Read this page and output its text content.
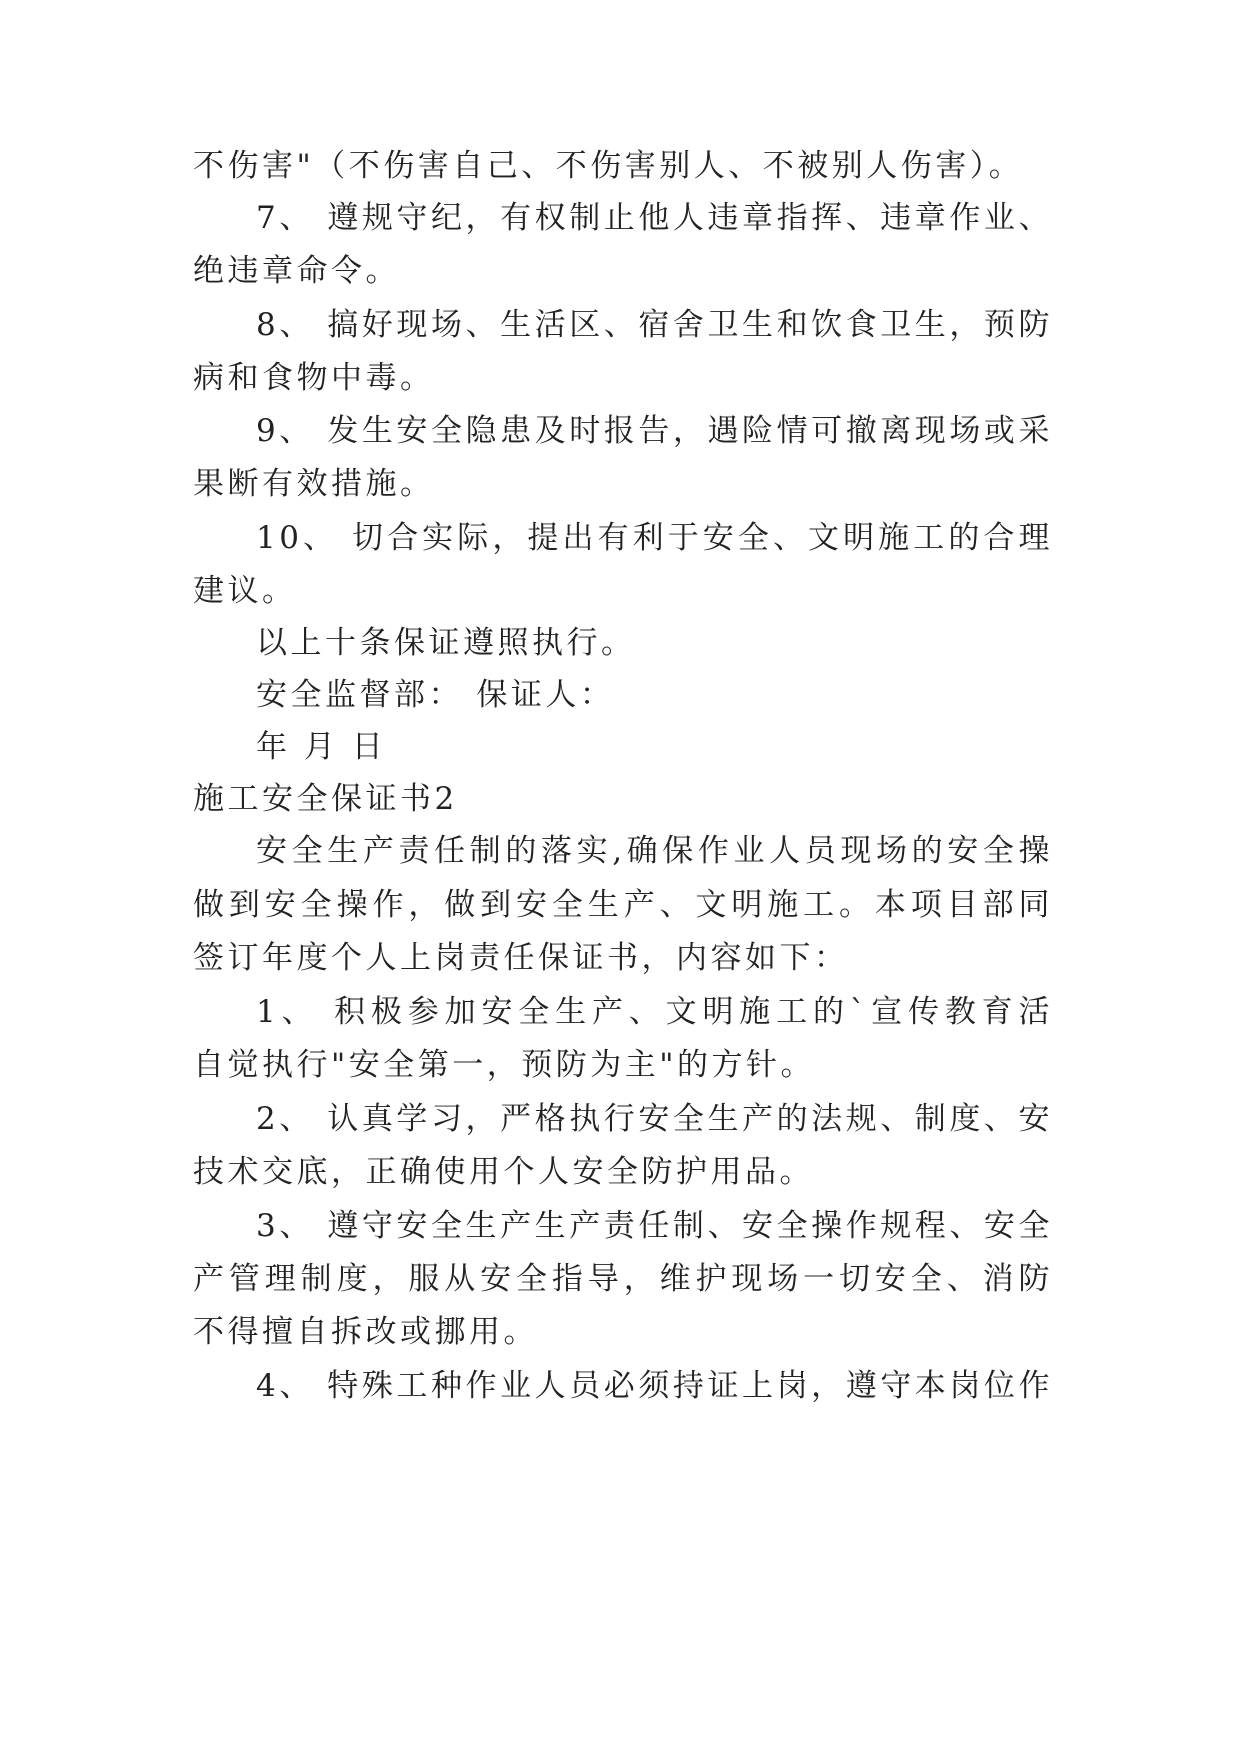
不伤害"（不伤害自己、不伤害别人、不被别人伤害）。

7、 遵规守纪，有权制止他人违章指挥、违章作业、

绝违章命令。

8、 搞好现场、生活区、宿舍卫生和饮食卫生，预防

病和食物中毒。

9、 发生安全隐患及时报告，遇险情可撤离现场或采

果断有效措施。

10、 切合实际，提出有利于安全、文明施工的合理

建议。

以上十条保证遵照执行。

安全监督部： 保证人：

年 月 日

施工安全保证书2

安全生产责任制的落实,确保作业人员现场的安全操

做到安全操作，做到安全生产、文明施工。本项目部同

签订年度个人上岗责任保证书，内容如下：

1、 积极参加安全生产、文明施工的`宣传教育活

自觉执行"安全第一，预防为主"的方针。

2、 认真学习，严格执行安全生产的法规、制度、安

技术交底，正确使用个人安全防护用品。

3、 遵守安全生产生产责任制、安全操作规程、安全

产管理制度，服从安全指导，维护现场一切安全、消防

不得擅自拆改或挪用。

4、 特殊工种作业人员必须持证上岗，遵守本岗位作
